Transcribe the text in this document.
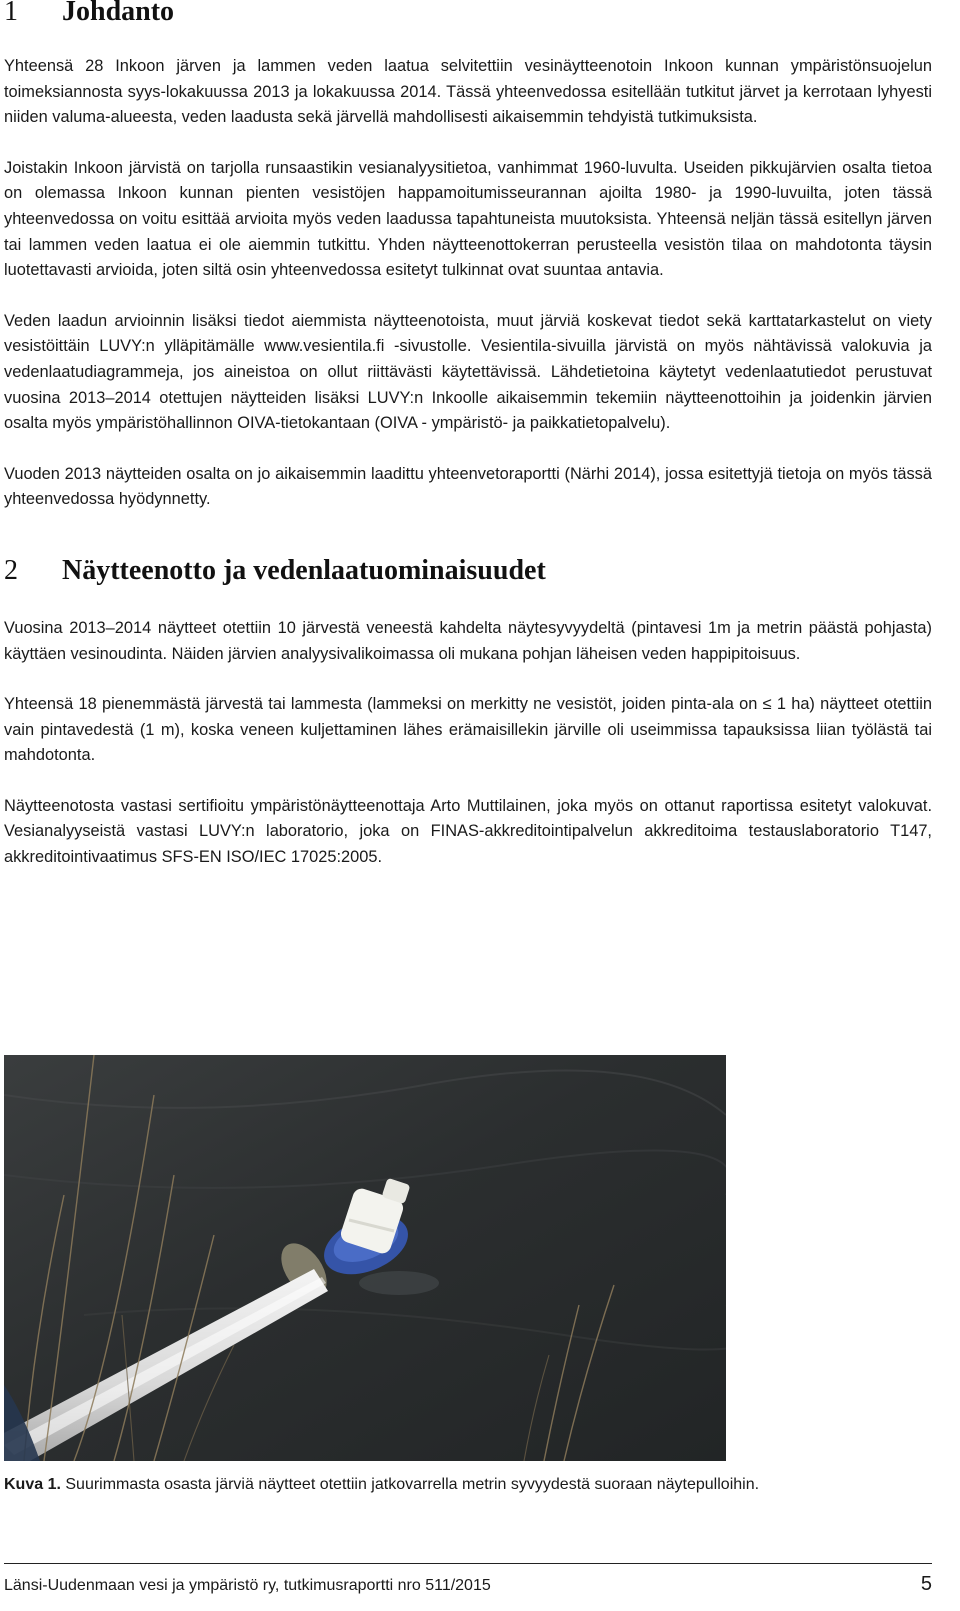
1	Johdanto

Yhteensä 28 Inkoon järven ja lammen veden laatua selvitettiin vesinäytteenotoin Inkoon kunnan ympäristönsuojelun toimeksiannosta syys-lokakuussa 2013 ja lokakuussa 2014. Tässä yhteenvedossa esitellään tutkitut järvet ja kerrotaan lyhyesti niiden valuma-alueesta, veden laadusta sekä järvellä mahdollisesti aikaisemmin tehdyistä tutkimuksista.

Joistakin Inkoon järvistä on tarjolla runsaastikin vesianalyysitietoa, vanhimmat 1960-luvulta. Useiden pikkujärvien osalta tietoa on olemassa Inkoon kunnan pienten vesistöjen happamoitumisseurannan ajoilta 1980- ja 1990-luvuilta, joten tässä yhteenvedossa on voitu esittää arvioita myös veden laadussa tapahtuneista muutoksista. Yhteensä neljän tässä esitellyn järven tai lammen veden laatua ei ole aiemmin tutkittu. Yhden näytteenottokerran perusteella vesistön tilaa on mahdotonta täysin luotettavasti arvioida, joten siltä osin yhteenvedossa esitetyt tulkinnat ovat suuntaa antavia.

Veden laadun arvioinnin lisäksi tiedot aiemmista näytteenotoista, muut järviä koskevat tiedot sekä karttatarkastelut on viety vesistöittäin LUVY:n ylläpitämälle www.vesientila.fi -sivustolle. Vesientila-sivuilla järvistä on myös nähtävissä valokuvia ja vedenlaatudiagrammeja, jos aineistoa on ollut riittävästi käytettävissä. Lähdetietoina käytetyt vedenlaatutiedot perustuvat vuosina 2013–2014 otettujen näytteiden lisäksi LUVY:n Inkoolle aikaisemmin tekemiin näytteenottoihin ja joidenkin järvien osalta myös ympäristöhallinnon OIVA-tietokantaan (OIVA - ympäristö- ja paikkatietopalvelu).

Vuoden 2013 näytteiden osalta on jo aikaisemmin laadittu yhteenvetoraportti (Närhi 2014), jossa esitettyjä tietoja on myös tässä yhteenvedossa hyödynnetty.

2	Näytteenotto ja vedenlaatuominaisuudet

Vuosina 2013–2014 näytteet otettiin 10 järvestä veneestä kahdelta näytesyvyydeltä (pintavesi 1m ja metrin päästä pohjasta) käyttäen vesinoudinta. Näiden järvien analyysivalikoimassa oli mukana pohjan läheisen veden happipitoisuus.

Yhteensä 18 pienemmästä järvestä tai lammesta (lammeksi on merkitty ne vesistöt, joiden pinta-ala on ≤ 1 ha) näytteet otettiin vain pintavedestä (1 m), koska veneen kuljettaminen lähes erämaisillekin järville oli useimmissa tapauksissa liian työlästä tai mahdotonta.

Näytteenotosta vastasi sertifioitu ympäristönäytteenottaja Arto Muttilainen, joka myös on ottanut raportissa esitetyt valokuvat. Vesianalyyseistä vastasi LUVY:n laboratorio, joka on FINAS-akkreditointipalvelun akkreditoima testauslaboratorio T147, akkreditointivaatimus SFS-EN ISO/IEC 17025:2005.

Kuva 1. Suurimmasta osasta järviä näytteet otettiin jatkovarrella metrin syvyydestä suoraan näytepulloihin.
Länsi-Uudenmaan vesi ja ympäristö ry, tutkimusraportti nro 511/2015	5
